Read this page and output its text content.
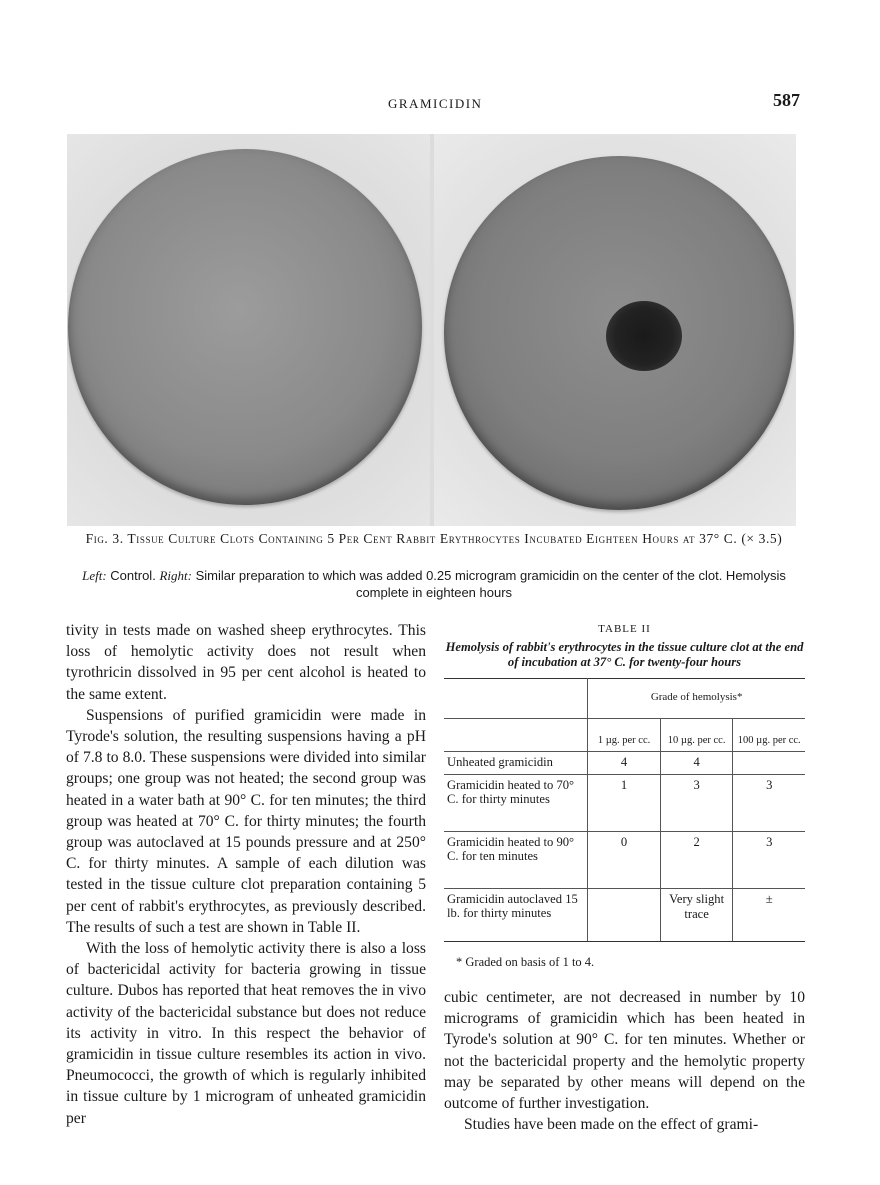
GRAMICIDIN	587
Fig. 3. Tissue Culture Clots Containing 5 Per Cent Rabbit Erythrocytes Incubated Eighteen Hours at 37° C. (× 3.5)
Left: Control. Right: Similar preparation to which was added 0.25 microgram gramicidin on the center of the clot. Hemolysis complete in eighteen hours

tivity in tests made on washed sheep erythrocytes. This loss of hemolytic activity does not result when tyrothricin dissolved in 95 per cent alcohol is heated to the same extent.

Suspensions of purified gramicidin were made in Tyrode's solution, the resulting suspensions having a pH of 7.8 to 8.0. These suspensions were divided into similar groups; one group was not heated; the second group was heated in a water bath at 90° C. for ten minutes; the third group was heated at 70° C. for thirty minutes; the fourth group was autoclaved at 15 pounds pressure and at 250° C. for thirty minutes. A sample of each dilution was tested in the tissue culture clot preparation containing 5 per cent of rabbit's erythrocytes, as previously described. The results of such a test are shown in Table II.

With the loss of hemolytic activity there is also a loss of bactericidal activity for bacteria growing in tissue culture. Dubos has reported that heat removes the in vivo activity of the bactericidal substance but does not reduce its activity in vitro. In this respect the behavior of gramicidin in tissue culture resembles its action in vivo. Pneumococci, the growth of which is regularly inhibited in tissue culture by 1 microgram of unheated gramicidin per

TABLE II
Hemolysis of rabbit's erythrocytes in the tissue culture clot at the end of incubation at 37° C. for twenty-four hours
	Grade of hemolysis*		
	1 µg. per cc.	10 µg. per cc.	100 µg. per cc.
Unheated gramicidin	4	4	
Gramicidin heated to 70° C. for thirty minutes	1	3	3
Gramicidin heated to 90° C. for ten minutes	0	2	3
Gramicidin autoclaved 15 lb. for thirty minutes		Very slight trace	±
* Graded on basis of 1 to 4.

cubic centimeter, are not decreased in number by 10 micrograms of gramicidin which has been heated in Tyrode's solution at 90° C. for ten minutes. Whether or not the bactericidal property and the hemolytic property may be separated by other means will depend on the outcome of further investigation.

Studies have been made on the effect of grami-
